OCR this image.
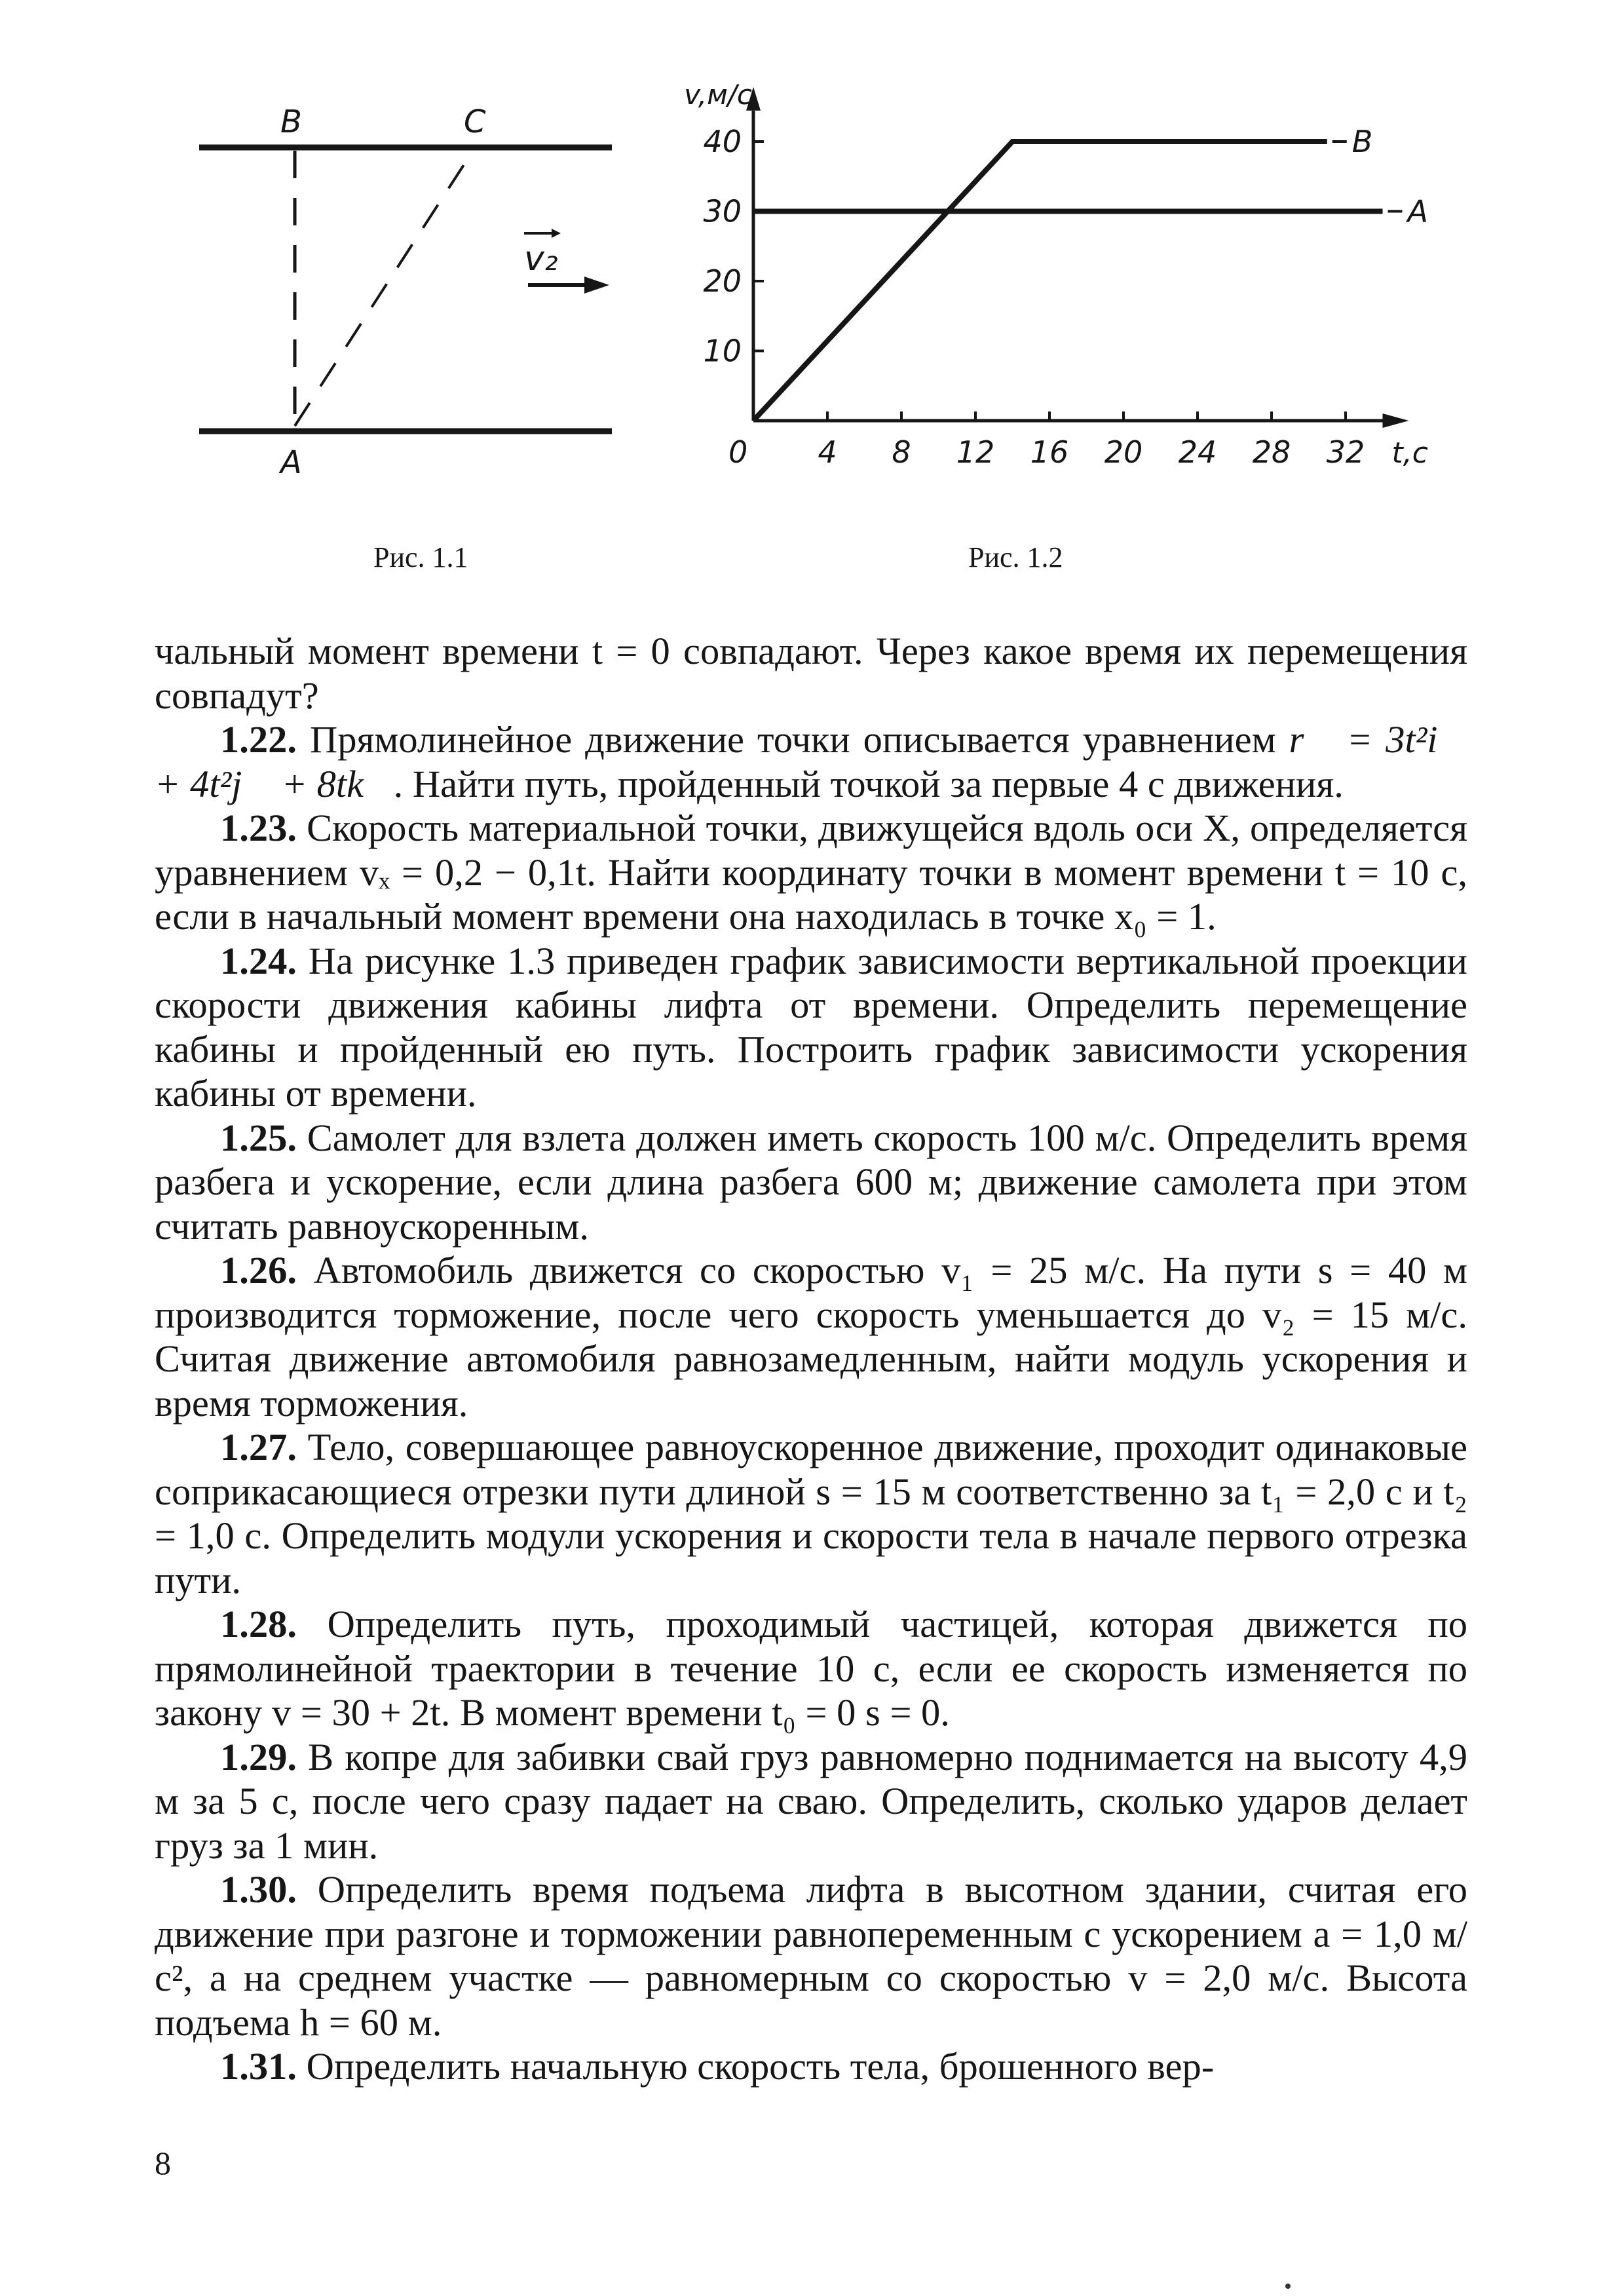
B	C
A
v₂

Рис. 1.1

4 8 12 16 20 24 28 32
0	t,c
10
20
30
40
v,м/с
A
B

Рис. 1.2

чальный момент времени t = 0 совпадают. Через какое время их перемещения совпадут?

1.22. Прямолинейное движение точки описывается уравнением r⃗ = 3t²i⃗ + 4t²j⃗ + 8tk⃗. Найти путь, пройденный точкой за первые 4 с движения.

1.23. Скорость материальной точки, движущейся вдоль оси X, определяется уравнением vₓ = 0,2 − 0,1t. Найти координату точки в момент времени t = 10 с, если в начальный момент времени она находилась в точке x₀ = 1.

1.24. На рисунке 1.3 приведен график зависимости вертикальной проекции скорости движения кабины лифта от времени. Определить перемещение кабины и пройденный ею путь. Построить график зависимости ускорения кабины от времени.

1.25. Самолет для взлета должен иметь скорость 100 м/с. Определить время разбега и ускорение, если длина разбега 600 м; движение самолета при этом считать равноускоренным.

1.26. Автомобиль движется со скоростью v₁ = 25 м/с. На пути s = 40 м производится торможение, после чего скорость уменьшается до v₂ = 15 м/с. Считая движение автомобиля равнозамедленным, найти модуль ускорения и время торможения.

1.27. Тело, совершающее равноускоренное движение, проходит одинаковые соприкасающиеся отрезки пути длиной s = 15 м соответственно за t₁ = 2,0 с и t₂ = 1,0 с. Определить модули ускорения и скорости тела в начале первого отрезка пути.

1.28. Определить путь, проходимый частицей, которая движется по прямолинейной траектории в течение 10 с, если ее скорость изменяется по закону v = 30 + 2t. В момент времени t₀ = 0 s = 0.

1.29. В копре для забивки свай груз равномерно поднимается на высоту 4,9 м за 5 с, после чего сразу падает на сваю. Определить, сколько ударов делает груз за 1 мин.

1.30. Определить время подъема лифта в высотном здании, считая его движение при разгоне и торможении равнопеременным с ускорением a = 1,0 м/с², а на среднем участке — равномерным со скоростью v = 2,0 м/с. Высота подъема h = 60 м.

1.31. Определить начальную скорость тела, брошенного вер-

8
